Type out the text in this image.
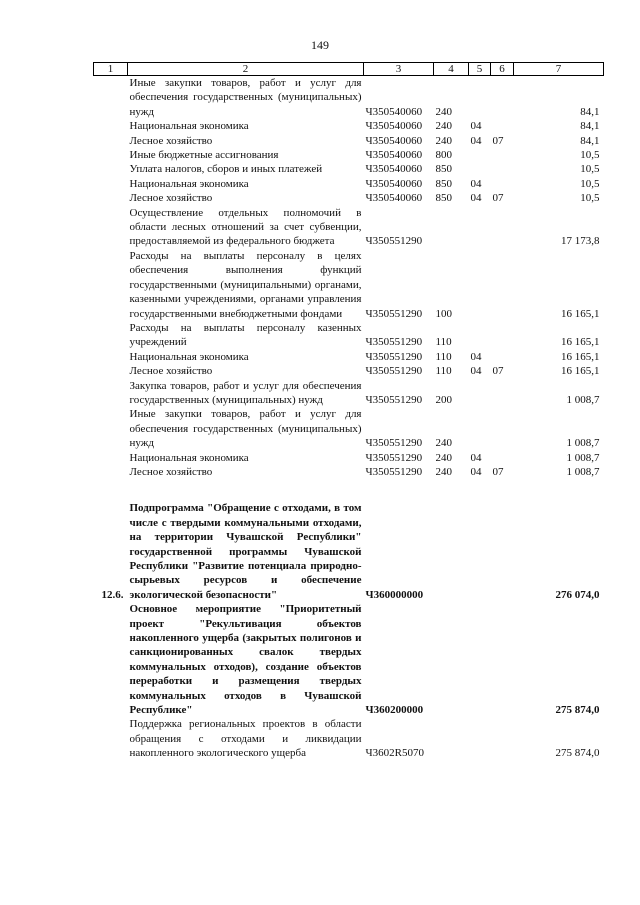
149
1	2	3	4	5	6	7
	Иные закупки товаров, работ и услуг для обеспечения государственных (муниципальных) нужд	Ч350540060	240			84,1
	Национальная экономика	Ч350540060	240	04		84,1
	Лесное хозяйство	Ч350540060	240	04	07	84,1
	Иные бюджетные ассигнования	Ч350540060	800			10,5
	Уплата налогов, сборов и иных платежей	Ч350540060	850			10,5
	Национальная экономика	Ч350540060	850	04		10,5
	Лесное хозяйство	Ч350540060	850	04	07	10,5
	Осуществление отдельных полномочий в области лесных отношений за счет субвенции, предоставляемой из федерального бюджета	Ч350551290				17 173,8
	Расходы на выплаты персоналу в целях обеспечения выполнения функций государственными (муниципальными) органами, казенными учреждениями, органами управления государственными внебюджетными фондами	Ч350551290	100			16 165,1
	Расходы на выплаты персоналу казенных учреждений	Ч350551290	110			16 165,1
	Национальная экономика	Ч350551290	110	04		16 165,1
	Лесное хозяйство	Ч350551290	110	04	07	16 165,1
	Закупка товаров, работ и услуг для обеспечения государственных (муниципальных) нужд	Ч350551290	200			1 008,7
	Иные закупки товаров, работ и услуг для обеспечения государственных (муниципальных) нужд	Ч350551290	240			1 008,7
	Национальная экономика	Ч350551290	240	04		1 008,7
	Лесное хозяйство	Ч350551290	240	04	07	1 008,7

12.6.	Подпрограмма "Обращение с отходами, в том числе с твердыми коммунальными отходами, на территории Чувашской Республики" государственной программы Чувашской Республики "Развитие потенциала природно-сырьевых ресурсов и обеспечение экологической безопасности"	Ч360000000				276 074,0
	Основное мероприятие "Приоритетный проект "Рекультивация объектов накопленного ущерба (закрытых полигонов и санкционированных свалок твердых коммунальных отходов), создание объектов переработки и размещения твердых коммунальных отходов в Чувашской Республике"	Ч360200000				275 874,0
	Поддержка региональных проектов в области обращения с отходами и ликвидации накопленного экологического ущерба	Ч3602R5070				275 874,0
